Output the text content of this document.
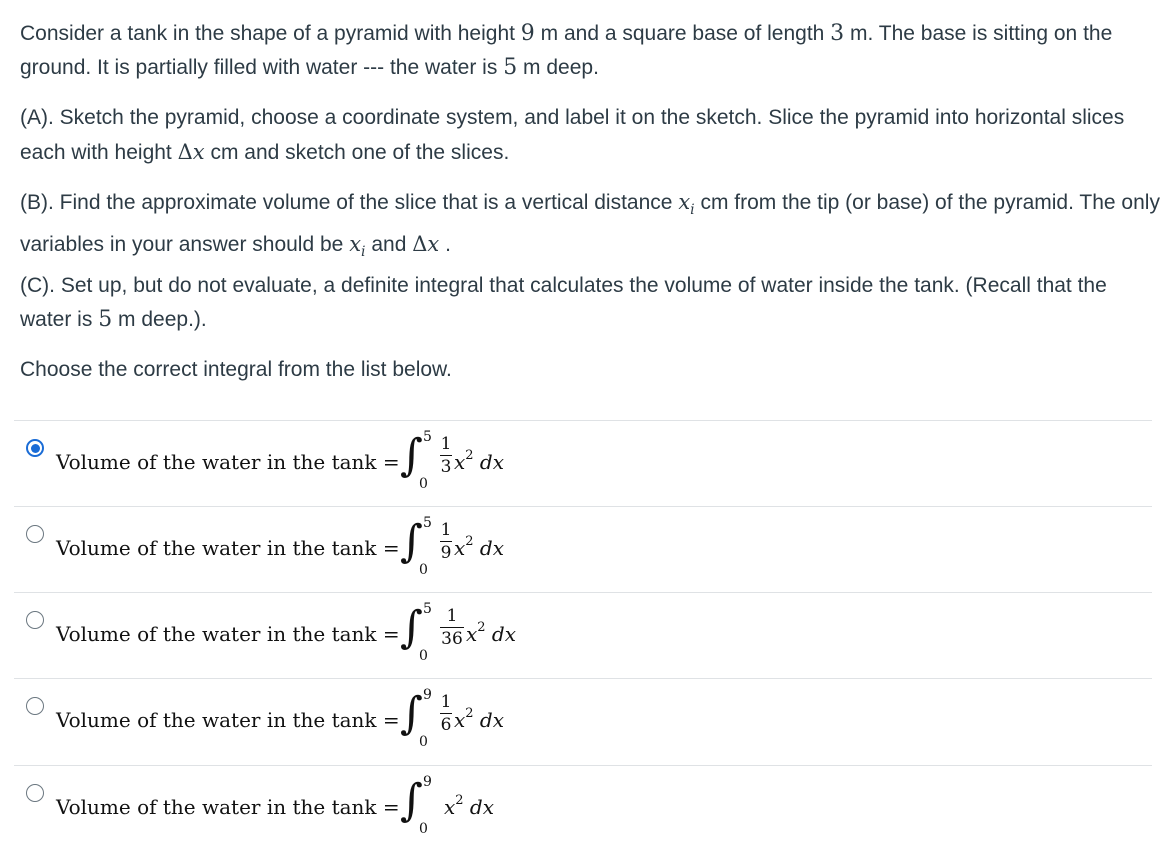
Consider a tank in the shape of a pyramid with height 9 m and a square base of length 3 m. The base is sitting on the ground. It is partially filled with water --- the water is 5 m deep.

(A). Sketch the pyramid, choose a coordinate system, and label it on the sketch. Slice the pyramid into horizontal slices each with height Δx cm and sketch one of the slices.

(B). Find the approximate volume of the slice that is a vertical distance $x_i$ cm from the tip (or base) of the pyramid. The only variables in your answer should be $x_i$ and Δx .

(C). Set up, but do not evaluate, a definite integral that calculates the volume of water inside the tank. (Recall that the water is 5 m deep.).

Choose the correct integral from the list below.

Volume of the water in the tank = ∫ 5
0
1
3 $x^2$ dx
Volume of the water in the tank = ∫ 5
0
1
9 $x^2$ dx
Volume of the water in the tank = ∫ 5
0
1
36 $x^2$ dx
Volume of the water in the tank = ∫ 9
0
1
6 $x^2$ dx
Volume of the water in the tank = ∫ 9
0
$x^2$ dx
